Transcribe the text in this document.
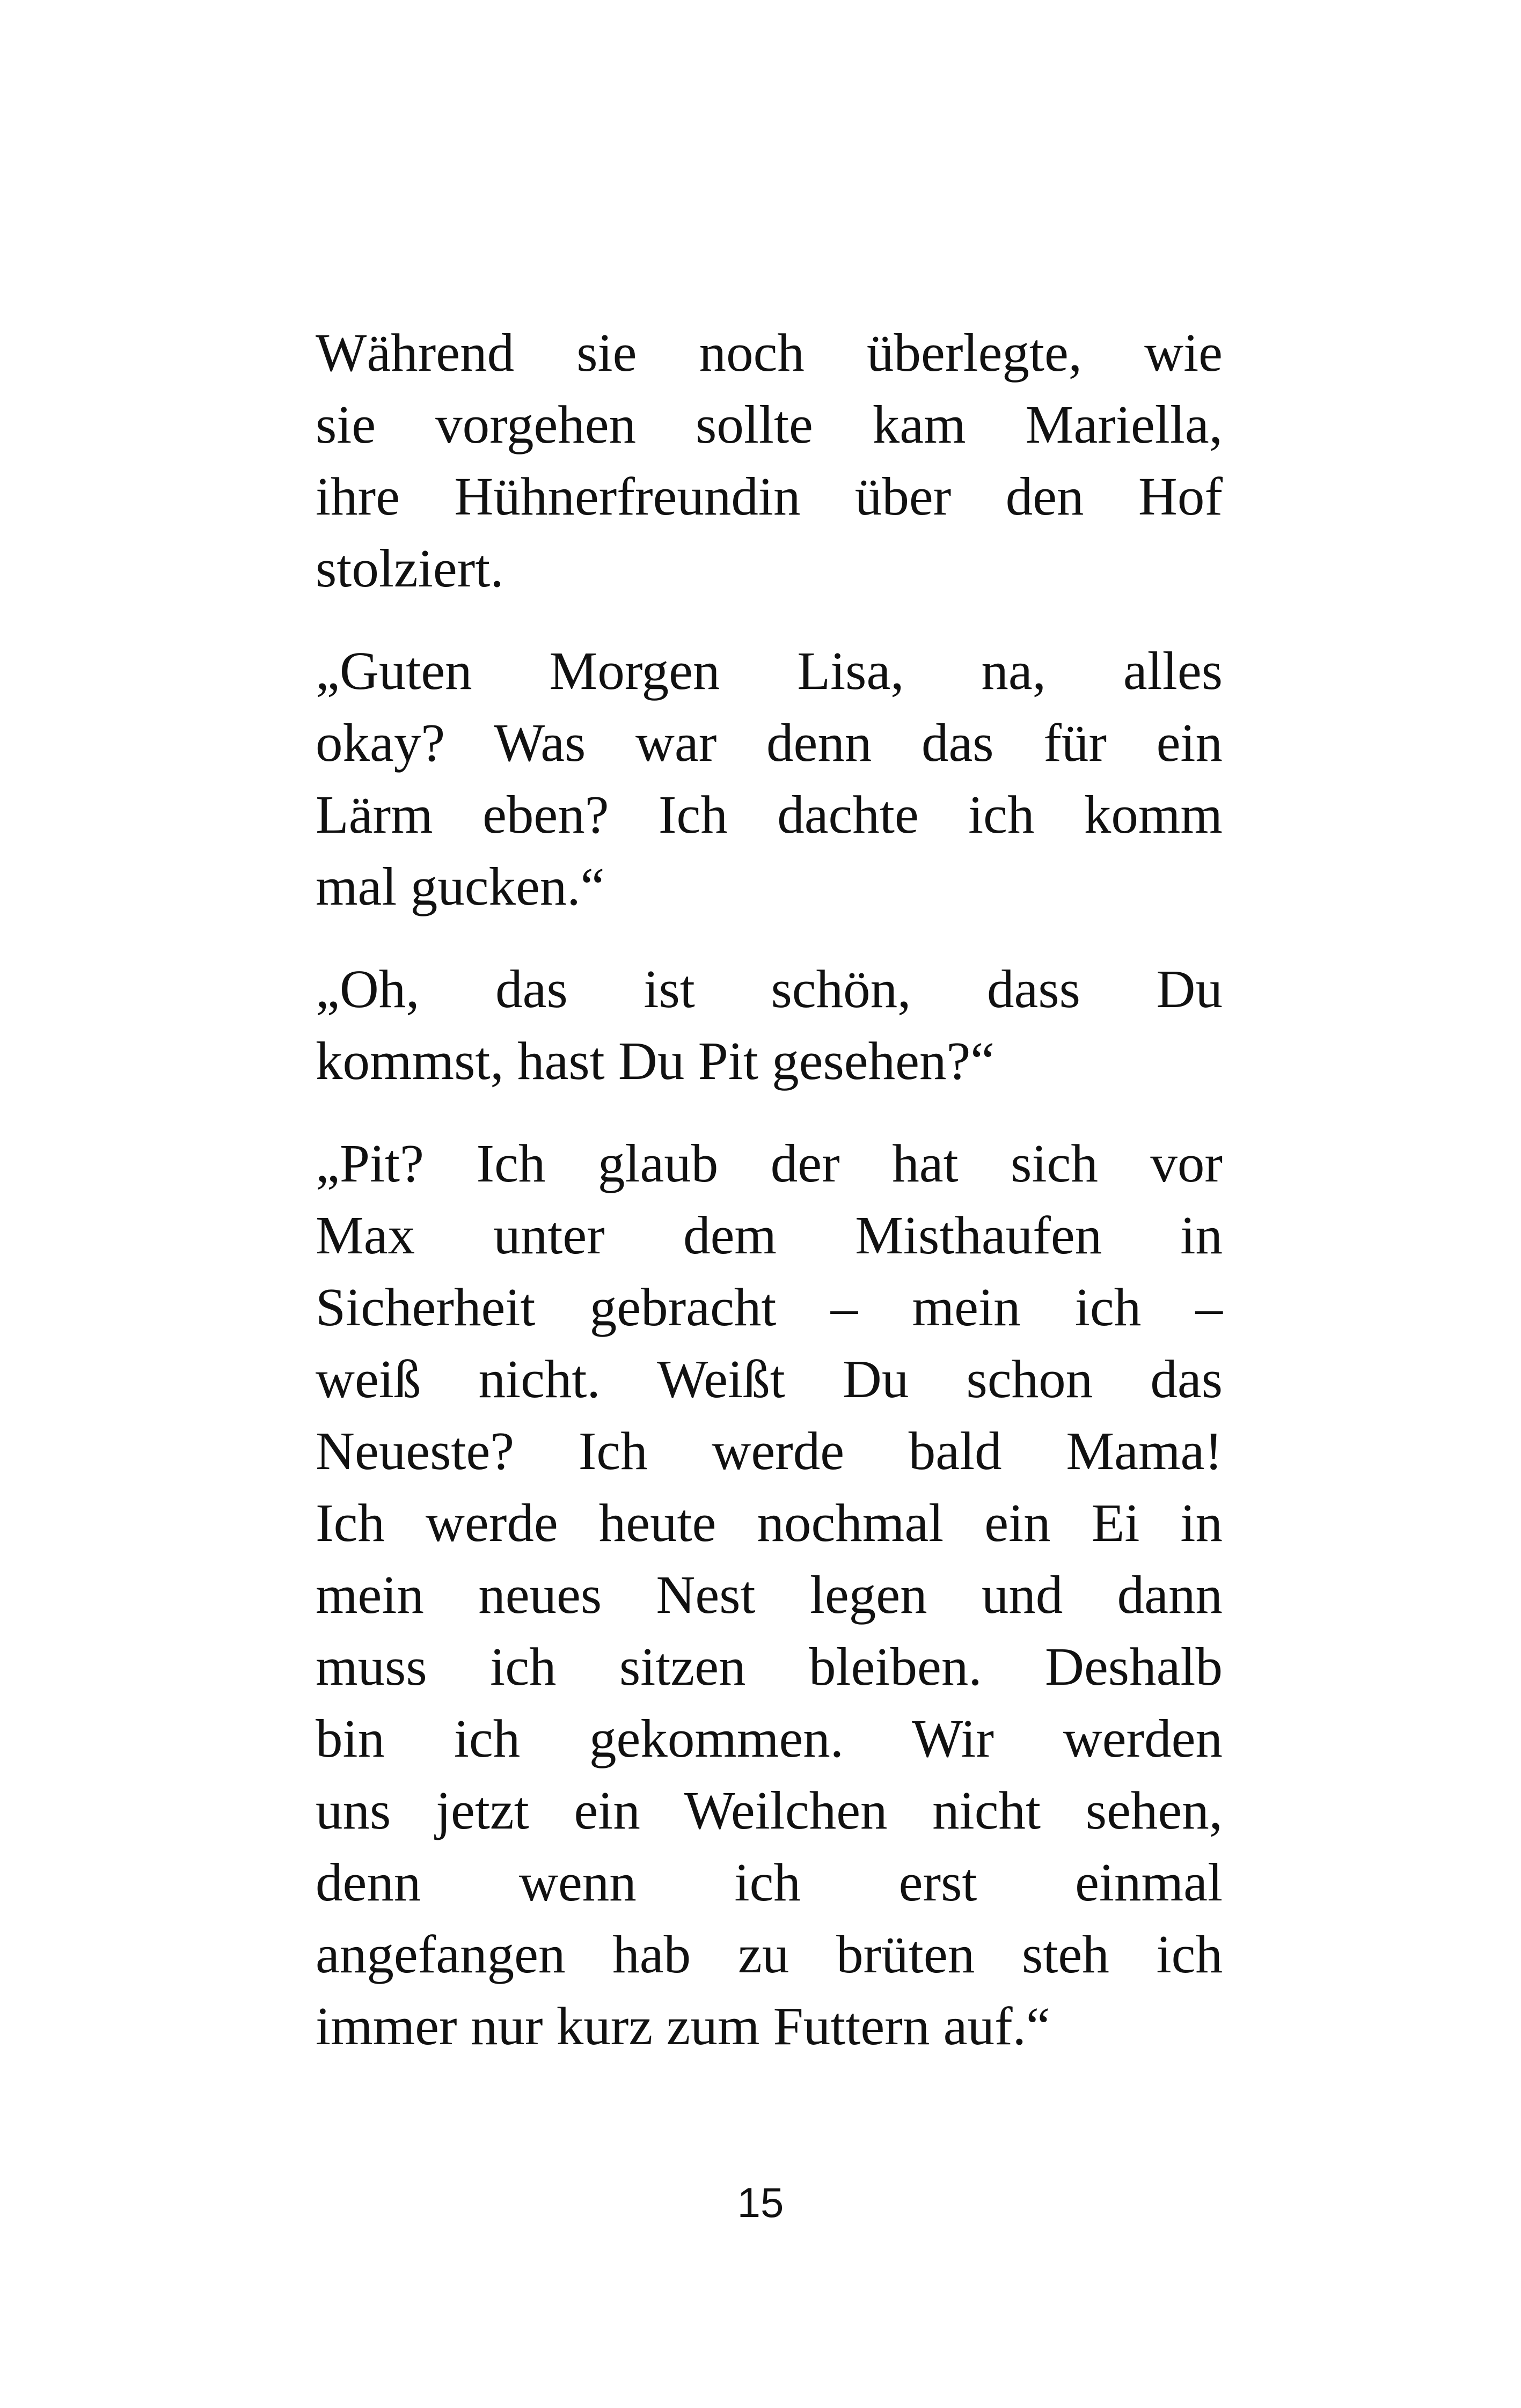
Während sie noch überlegte, wie
sie vorgehen sollte kam Mariella,
ihre Hühnerfreundin über den Hof
stolziert.

„Guten Morgen Lisa, na, alles
okay? Was war denn das für ein
Lärm eben? Ich dachte ich komm
mal gucken.“

„Oh, das ist schön, dass Du
kommst, hast Du Pit gesehen?“

„Pit? Ich glaub der hat sich vor
Max unter dem Misthaufen in
Sicherheit gebracht – mein ich –
weiß nicht. Weißt Du schon das
Neueste? Ich werde bald Mama!
Ich werde heute nochmal ein Ei in
mein neues Nest legen und dann
muss ich sitzen bleiben. Deshalb
bin ich gekommen. Wir werden
uns jetzt ein Weilchen nicht sehen,
denn wenn ich erst einmal
angefangen hab zu brüten steh ich
immer nur kurz zum Futtern auf.“

15
